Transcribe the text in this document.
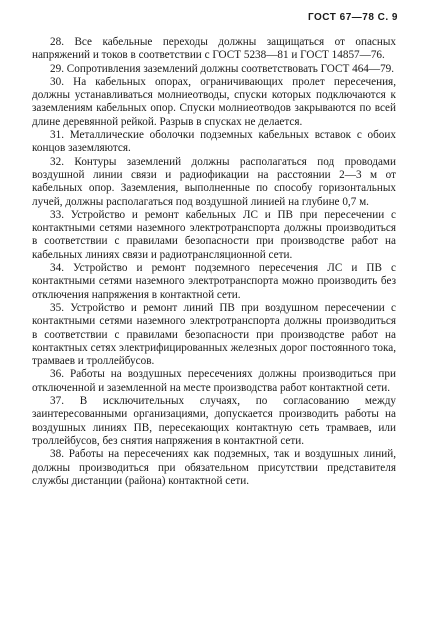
ГОСТ 67—78 С. 9

28. Все кабельные переходы должны защищаться от опасных напряжений и токов в соответствии с ГОСТ 5238—81 и ГОСТ 14857—76.

29. Сопротивления заземлений должны соответствовать ГОСТ 464—79.

30. На кабельных опорах, ограничивающих пролет пересечения, должны устанавливаться молниеотводы, спуски которых подключаются к заземлениям кабельных опор. Спуски молниеотводов закрываются по всей длине деревянной рейкой. Разрыв в спусках не делается.

31. Металлические оболочки подземных кабельных вставок с обоих концов заземляются.

32. Контуры заземлений должны располагаться под проводами воздушной линии связи и радиофикации на расстоянии 2—3 м от кабельных опор. Заземления, выполненные по способу горизонтальных лучей, должны располагаться под воздушной линией на глубине 0,7 м.

33. Устройство и ремонт кабельных ЛС и ПВ при пересечении с контактными сетями наземного электротранспорта должны производиться в соответствии с правилами безопасности при производстве работ на кабельных линиях связи и радиотрансляционной сети.

34. Устройство и ремонт подземного пересечения ЛС и ПВ с контактными сетями наземного электротранспорта можно производить без отключения напряжения в контактной сети.

35. Устройство и ремонт линий ПВ при воздушном пересечении с контактными сетями наземного электротранспорта должны производиться в соответствии с правилами безопасности при производстве работ на контактных сетях электрифицированных железных дорог постоянного тока, трамваев и троллейбусов.

36. Работы на воздушных пересечениях должны производиться при отключенной и заземленной на месте производства работ контактной сети.

37. В исключительных случаях, по согласованию между заинтересованными организациями, допускается производить работы на воздушных линиях ПВ, пересекающих контактную сеть трамваев, или троллейбусов, без снятия напряжения в контактной сети.

38. Работы на пересечениях как подземных, так и воздушных линий, должны производиться при обязательном присутствии представителя службы дистанции (района) контактной сети.
